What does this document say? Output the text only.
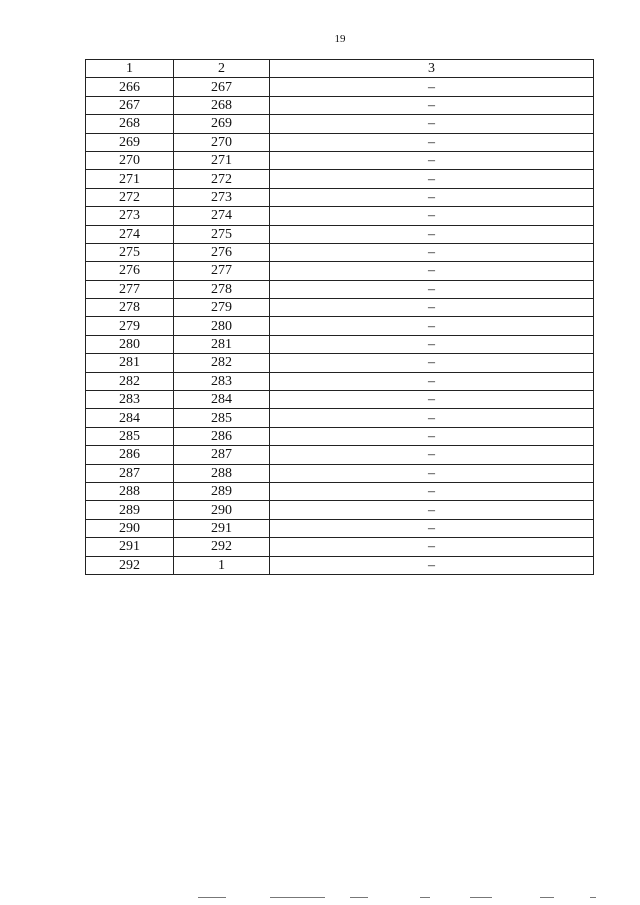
19
1	2	3
266	267	–
267	268	–
268	269	–
269	270	–
270	271	–
271	272	–
272	273	–
273	274	–
274	275	–
275	276	–
276	277	–
277	278	–
278	279	–
279	280	–
280	281	–
281	282	–
282	283	–
283	284	–
284	285	–
285	286	–
286	287	–
287	288	–
288	289	–
289	290	–
290	291	–
291	292	–
292	1	–
